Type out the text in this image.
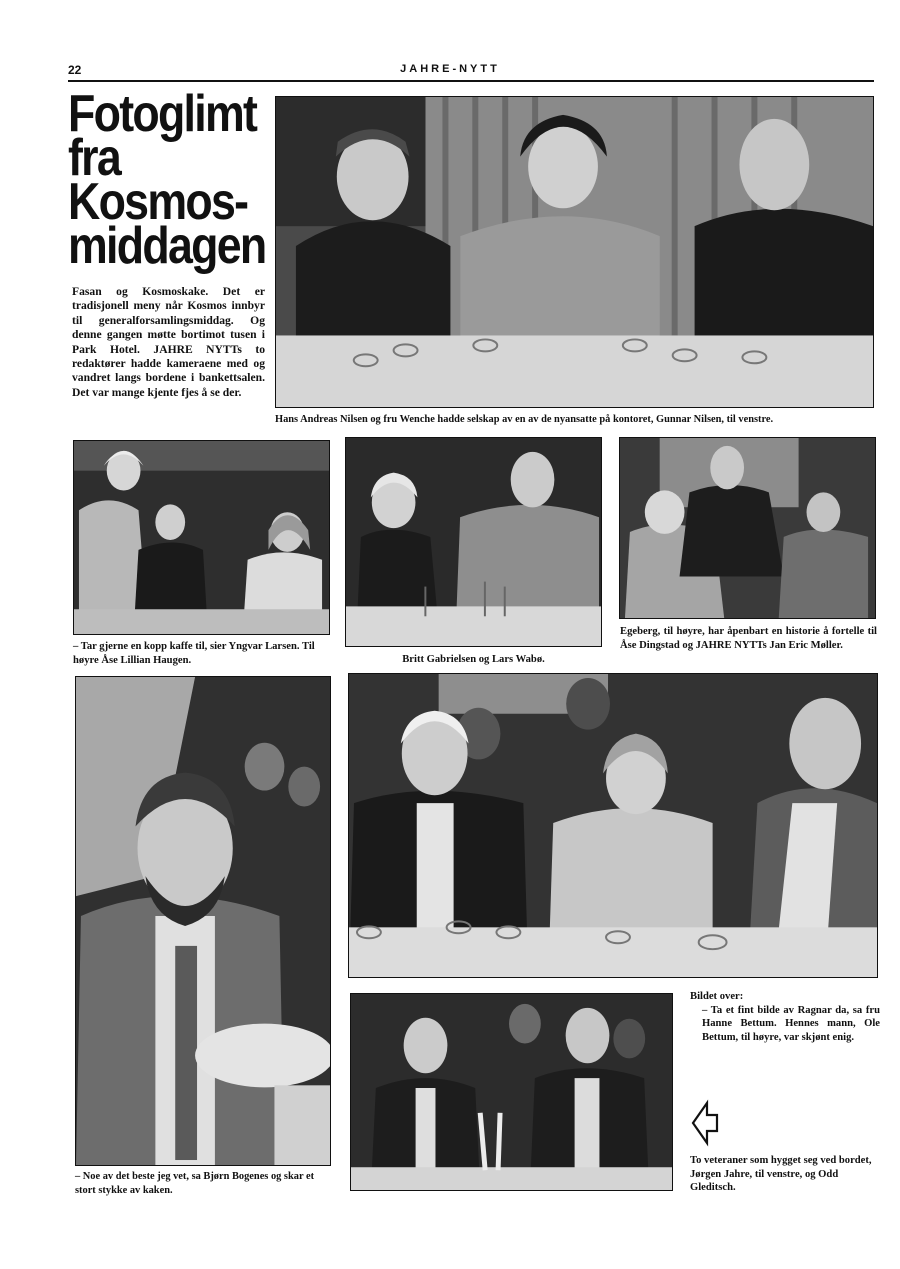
22	JAHRE-NYTT
Fotoglimt
fra
Kosmos-
middagen
Fasan og Kosmoskake. Det er tradisjonell meny når Kosmos innbyr til generalforsamlingsmiddag. Og denne gangen møtte bortimot tusen i Park Hotel. JAHRE NYTTs to redaktører hadde kameraene med og vandret langs bordene i bankettsalen. Det var mange kjente fjes å se der.
Hans Andreas Nilsen og fru Wenche hadde selskap av en av de nyansatte på kontoret, Gunnar Nilsen, til venstre.
– Tar gjerne en kopp kaffe til, sier Yngvar Larsen. Til høyre Åse Lillian Haugen.	Britt Gabrielsen og Lars Wabø.
Egeberg, til høyre, har åpenbart en historie å fortelle til Åse Dingstad og JAHRE NYTTs Jan Eric Møller.
– Noe av det beste jeg vet, sa Bjørn Bogenes og skar et stort stykke av kaken.
Bildet over:
– Ta et fint bilde av Ragnar da, sa fru Hanne Bettum. Hennes mann, Ole Bettum, til høyre, var skjønt enig.
To veteraner som hygget seg ved bordet, Jørgen Jahre, til venstre, og Odd Gleditsch.
